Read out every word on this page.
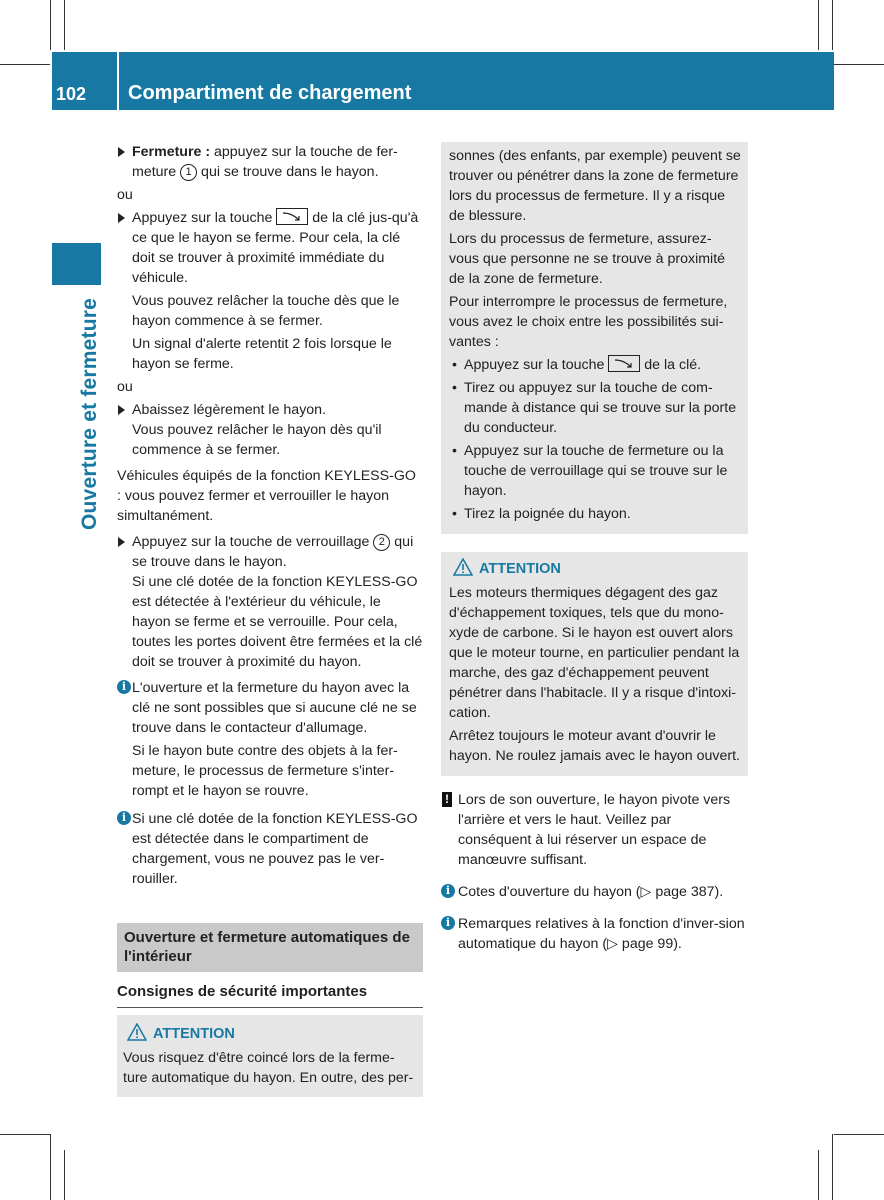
102	Compartiment de chargement
Ouverture et fermeture

Fermeture : appuyez sur la touche de fer-meture 1 qui se trouve dans le hayon.

ou

Appuyez sur la touche
de la clé jus-qu'à ce que le hayon se ferme. Pour cela, la clé doit se trouver à proximité immédiate du véhicule.

Vous pouvez relâcher la touche dès que le hayon commence à se fermer.

Un signal d'alerte retentit 2 fois lorsque le hayon se ferme.

ou

Abaissez légèrement le hayon.

Vous pouvez relâcher le hayon dès qu'il commence à se fermer.

Véhicules équipés de la fonction KEYLESS-GO : vous pouvez fermer et verrouiller le hayon simultanément.

Appuyez sur la touche de verrouillage 2 qui se trouve dans le hayon.

Si une clé dotée de la fonction KEYLESS-GO est détectée à l'extérieur du véhicule, le hayon se ferme et se verrouille. Pour cela, toutes les portes doivent être fermées et la clé doit se trouver à proximité du hayon.

i L'ouverture et la fermeture du hayon avec la clé ne sont possibles que si aucune clé ne se trouve dans le contacteur d'allumage.

Si le hayon bute contre des objets à la fer-meture, le processus de fermeture s'inter-rompt et le hayon se rouvre.

i Si une clé dotée de la fonction KEYLESS-GO est détectée dans le compartiment de chargement, vous ne pouvez pas le ver-rouiller.

Ouverture et fermeture automatiques de l'intérieur

Consignes de sécurité importantes

ATTENTION

Vous risquez d'être coincé lors de la ferme-ture automatique du hayon. En outre, des per-

sonnes (des enfants, par exemple) peuvent se trouver ou pénétrer dans la zone de fermeture lors du processus de fermeture. Il y a risque de blessure.

Lors du processus de fermeture, assurez-vous que personne ne se trouve à proximité de la zone de fermeture.

Pour interrompre le processus de fermeture, vous avez le choix entre les possibilités sui-vantes :

• Appuyez sur la touche
de la clé.

• Tirez ou appuyez sur la touche de com-mande à distance qui se trouve sur la porte du conducteur.

• Appuyez sur la touche de fermeture ou la touche de verrouillage qui se trouve sur le hayon.

• Tirez la poignée du hayon.

ATTENTION

Les moteurs thermiques dégagent des gaz d'échappement toxiques, tels que du mono-xyde de carbone. Si le hayon est ouvert alors que le moteur tourne, en particulier pendant la marche, des gaz d'échappement peuvent pénétrer dans l'habitacle. Il y a risque d'intoxi-cation.

Arrêtez toujours le moteur avant d'ouvrir le hayon. Ne roulez jamais avec le hayon ouvert.

! Lors de son ouverture, le hayon pivote vers l'arrière et vers le haut. Veillez par conséquent à lui réserver un espace de manœuvre suffisant.

i Cotes d'ouverture du hayon (▷ page 387).

i Remarques relatives à la fonction d'inver-sion automatique du hayon (▷ page 99).
